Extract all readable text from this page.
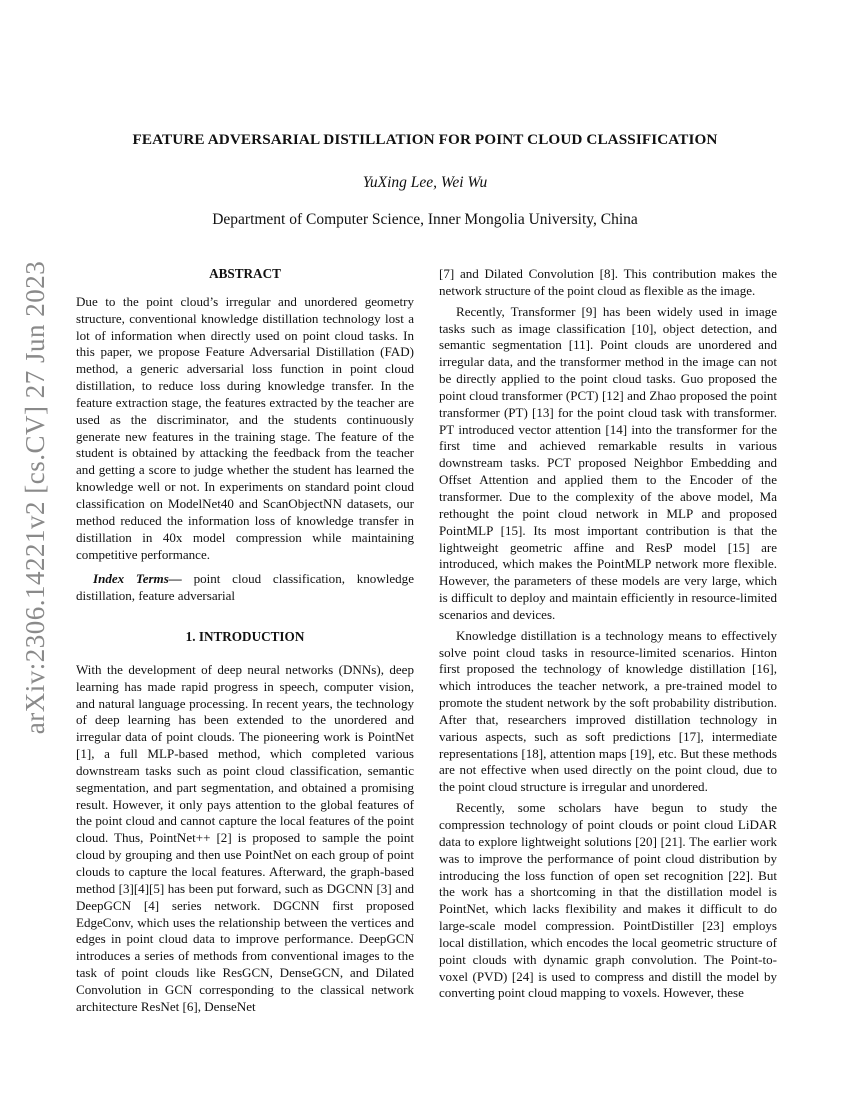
arXiv:2306.14221v2 [cs.CV] 27 Jun 2023
FEATURE ADVERSARIAL DISTILLATION FOR POINT CLOUD CLASSIFICATION
YuXing Lee, Wei Wu
Department of Computer Science, Inner Mongolia University, China
ABSTRACT

Due to the point cloud’s irregular and unordered geometry structure, conventional knowledge distillation technology lost a lot of information when directly used on point cloud tasks. In this paper, we propose Feature Adversarial Distillation (FAD) method, a generic adversarial loss function in point cloud distillation, to reduce loss during knowledge transfer. In the feature extraction stage, the features extracted by the teacher are used as the discriminator, and the students continuously generate new features in the training stage. The feature of the student is obtained by attacking the feedback from the teacher and getting a score to judge whether the student has learned the knowledge well or not. In experiments on standard point cloud classification on ModelNet40 and ScanObjectNN datasets, our method reduced the information loss of knowledge transfer in distillation in 40x model compression while maintaining competitive performance.

Index Terms— point cloud classification, knowledge distillation, feature adversarial

1. INTRODUCTION

With the development of deep neural networks (DNNs), deep learning has made rapid progress in speech, computer vision, and natural language processing. In recent years, the technology of deep learning has been extended to the unordered and irregular data of point clouds. The pioneering work is PointNet [1], a full MLP-based method, which completed various downstream tasks such as point cloud classification, semantic segmentation, and part segmentation, and obtained a promising result. However, it only pays attention to the global features of the point cloud and cannot capture the local features of the point cloud. Thus, PointNet++ [2] is proposed to sample the point cloud by grouping and then use PointNet on each group of point clouds to capture the local features. Afterward, the graph-based method [3][4][5] has been put forward, such as DGCNN [3] and DeepGCN [4] series network. DGCNN first proposed EdgeConv, which uses the relationship between the vertices and edges in point cloud data to improve performance. DeepGCN introduces a series of methods from conventional images to the task of point clouds like ResGCN, DenseGCN, and Dilated Convolution in GCN corresponding to the classical network architecture ResNet [6], DenseNet

[7] and Dilated Convolution [8]. This contribution makes the network structure of the point cloud as flexible as the image.

Recently, Transformer [9] has been widely used in image tasks such as image classification [10], object detection, and semantic segmentation [11]. Point clouds are unordered and irregular data, and the transformer method in the image can not be directly applied to the point cloud tasks. Guo proposed the point cloud transformer (PCT) [12] and Zhao proposed the point transformer (PT) [13] for the point cloud task with transformer. PT introduced vector attention [14] into the transformer for the first time and achieved remarkable results in various downstream tasks. PCT proposed Neighbor Embedding and Offset Attention and applied them to the Encoder of the transformer. Due to the complexity of the above model, Ma rethought the point cloud network in MLP and proposed PointMLP [15]. Its most important contribution is that the lightweight geometric affine and ResP model [15] are introduced, which makes the PointMLP network more flexible. However, the parameters of these models are very large, which is difficult to deploy and maintain efficiently in resource-limited scenarios and devices.

Knowledge distillation is a technology means to effectively solve point cloud tasks in resource-limited scenarios. Hinton first proposed the technology of knowledge distillation [16], which introduces the teacher network, a pre-trained model to promote the student network by the soft probability distribution. After that, researchers improved distillation technology in various aspects, such as soft predictions [17], intermediate representations [18], attention maps [19], etc. But these methods are not effective when used directly on the point cloud, due to the point cloud structure is irregular and unordered.

Recently, some scholars have begun to study the compression technology of point clouds or point cloud LiDAR data to explore lightweight solutions [20] [21]. The earlier work was to improve the performance of point cloud distribution by introducing the loss function of open set recognition [22]. But the work has a shortcoming in that the distillation model is PointNet, which lacks flexibility and makes it difficult to do large-scale model compression. PointDistiller [23] employs local distillation, which encodes the local geometric structure of point clouds with dynamic graph convolution. The Point-to-voxel (PVD) [24] is used to compress and distill the model by converting point cloud mapping to voxels. However, these
